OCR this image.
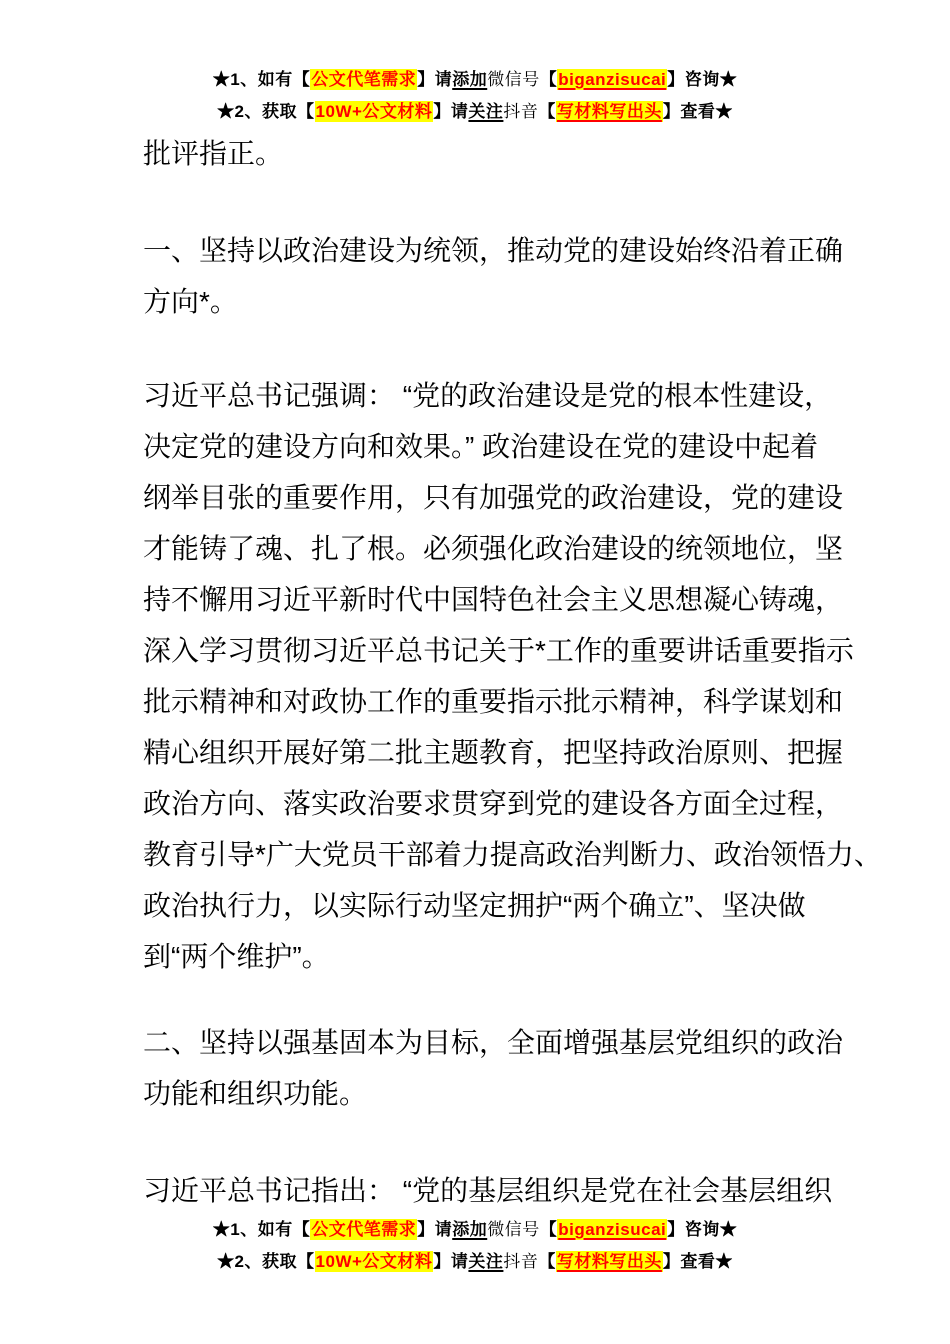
★1、如有【公文代笔需求】请添加微信号【biganzisucai】咨询★
★2、获取【10W+公文材料】请关注抖音【写材料写出头】查看★
批评指正。
一、坚持以政治建设为统领，推动党的建设始终沿着正确
方向*。
习近平总书记强调： “党的政治建设是党的根本性建设，
决定党的建设方向和效果。” 政治建设在党的建设中起着
纲举目张的重要作用，只有加强党的政治建设，党的建设
才能铸了魂、扎了根。必须强化政治建设的统领地位，坚
持不懈用习近平新时代中国特色社会主义思想凝心铸魂，
深入学习贯彻习近平总书记关于*工作的重要讲话重要指示
批示精神和对政协工作的重要指示批示精神，科学谋划和
精心组织开展好第二批主题教育，把坚持政治原则、把握
政治方向、落实政治要求贯穿到党的建设各方面全过程，
教育引导*广大党员干部着力提高政治判断力、政治领悟力、
政治执行力，以实际行动坚定拥护“两个确立”、坚决做
到“两个维护”。
二、坚持以强基固本为目标，全面增强基层党组织的政治
功能和组织功能。
习近平总书记指出： “党的基层组织是党在社会基层组织
★1、如有【公文代笔需求】请添加微信号【biganzisucai】咨询★
★2、获取【10W+公文材料】请关注抖音【写材料写出头】查看★
